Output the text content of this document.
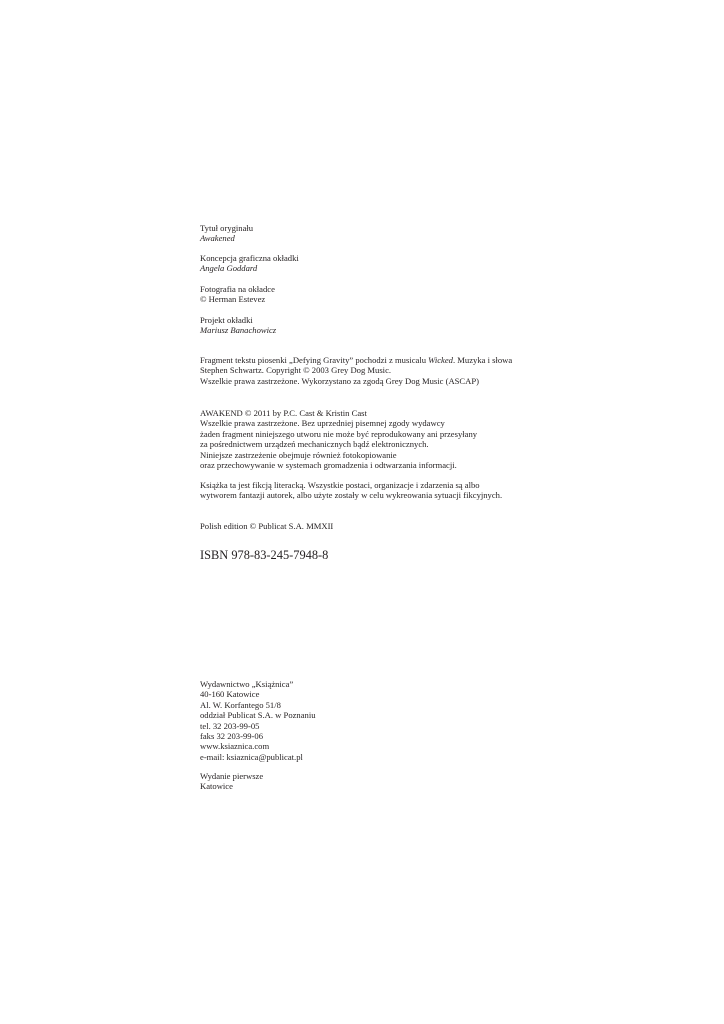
Tytuł oryginału
Awakened
Koncepcja graficzna okładki
Angela Goddard
Fotografia na okładce
© Herman Estevez
Projekt okładki
Mariusz Banachowicz
Fragment tekstu piosenki „Defying Gravity” pochodzi z musicalu Wicked. Muzyka i słowa
Stephen Schwartz. Copyright © 2003 Grey Dog Music.
Wszelkie prawa zastrzeżone. Wykorzystano za zgodą Grey Dog Music (ASCAP)
AWAKEND © 2011 by P.C. Cast & Kristin Cast
Wszelkie prawa zastrzeżone. Bez uprzedniej pisemnej zgody wydawcy
żaden fragment niniejszego utworu nie może być reprodukowany ani przesyłany
za pośrednictwem urządzeń mechanicznych bądź elektronicznych.
Niniejsze zastrzeżenie obejmuje również fotokopiowanie
oraz przechowywanie w systemach gromadzenia i odtwarzania informacji.
Książka ta jest fikcją literacką. Wszystkie postaci, organizacje i zdarzenia są albo
wytworem fantazji autorek, albo użyte zostały w celu wykreowania sytuacji fikcyjnych.
Polish edition © Publicat S.A. MMXII
ISBN 978-83-245-7948-8
Wydawnictwo „Książnica”
40-160 Katowice
Al. W. Korfantego 51/8
oddział Publicat S.A. w Poznaniu
tel. 32 203-99-05
faks 32 203-99-06
www.ksiaznica.com
e-mail: ksiaznica@publicat.pl
Wydanie pierwsze
Katowice
